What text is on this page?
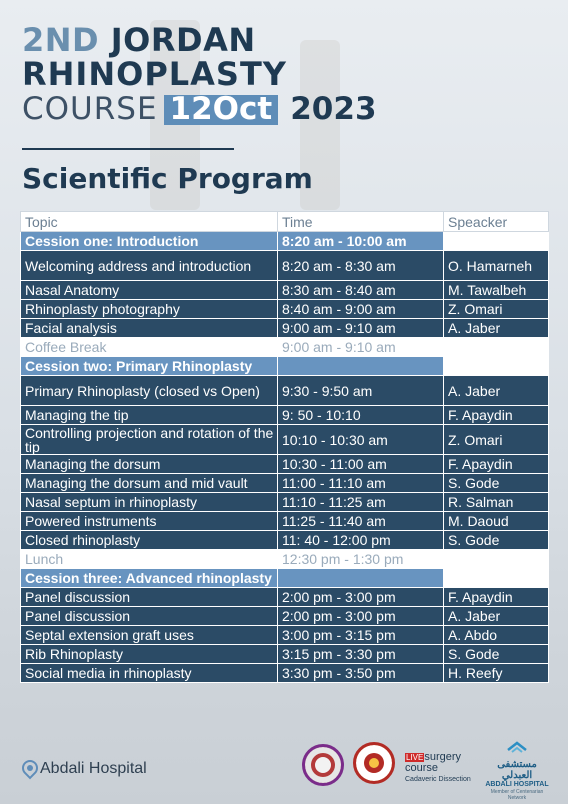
2ND JORDAN
RHINOPLASTY
COURSE 12Oct 2023
Scientific Program
Topic	Time	Speacker
Cession one: Introduction	8:20 am - 10:00 am	
Welcoming address and introduction	8:20 am - 8:30 am	O. Hamarneh
Nasal Anatomy	8:30 am - 8:40 am	M. Tawalbeh
Rhinoplasty photography	8:40 am - 9:00 am	Z. Omari
Facial analysis	9:00 am - 9:10 am	A. Jaber
Coffee Break	9:00 am - 9:10 am	
Cession two: Primary Rhinoplasty		
Primary Rhinoplasty (closed vs Open)	9:30 - 9:50 am	A. Jaber
Managing the tip	9: 50 - 10:10	F. Apaydin
Controlling projection and rotation of the tip	10:10 - 10:30 am	Z. Omari
Managing the dorsum	10:30 - 11:00 am	F. Apaydin
Managing the dorsum and mid vault	11:00 - 11:10 am	S. Gode
Nasal septum in rhinoplasty	11:10 - 11:25 am	R. Salman
Powered instruments	11:25 - 11:40 am	M. Daoud
Closed rhinoplasty	11: 40 - 12:00 pm	S. Gode
Lunch	12:30 pm - 1:30 pm	
Cession three: Advanced rhinoplasty		
Panel discussion	2:00 pm - 3:00 pm	F. Apaydin
Panel discussion	2:00 pm - 3:00 pm	A. Jaber
Septal extension graft uses	3:00 pm - 3:15 pm	A. Abdo
Rib Rhinoplasty	3:15 pm - 3:30 pm	S. Gode
Social media in rhinoplasty	3:30 pm - 3:50 pm	H. Reefy
Abdali Hospital
LIVEsurgery
course
Cadaveric Dissection
مستشفى العبدلي
ABDALI HOSPITAL
Member of Centenarian Network
